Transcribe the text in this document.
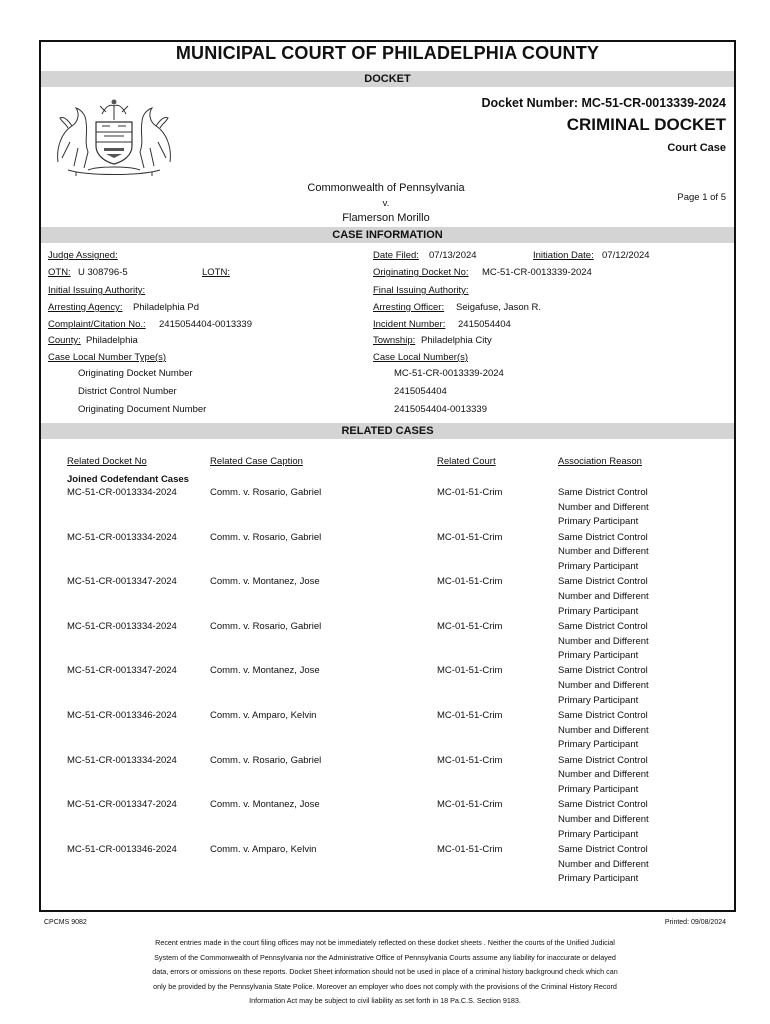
MUNICIPAL COURT OF PHILADELPHIA COUNTY
DOCKET
Docket Number: MC-51-CR-0013339-2024
CRIMINAL DOCKET
Court Case
Commonwealth of Pennsylvania
v.
Flamerson Morillo
Page 1 of 5
CASE INFORMATION
Judge Assigned:	Date Filed: 07/13/2024	Initiation Date: 07/12/2024
OTN: U 308796-5	LOTN:	Originating Docket No: MC-51-CR-0013339-2024
Initial Issuing Authority:	Final Issuing Authority:
Arresting Agency: Philadelphia Pd	Arresting Officer: Seigafuse, Jason R.
Complaint/Citation No.: 2415054404-0013339	Incident Number: 2415054404
County: Philadelphia	Township: Philadelphia City
Case Local Number Type(s)	Case Local Number(s)
Originating Docket Number	MC-51-CR-0013339-2024
District Control Number	2415054404
Originating Document Number	2415054404-0013339
RELATED CASES
Related Docket No	Related Case Caption	Related Court	Association Reason
Joined Codefendant Cases
MC-51-CR-0013334-2024	Comm. v. Rosario, Gabriel	MC-01-51-Crim	Same District Control
Number and Different
Primary Participant
MC-51-CR-0013334-2024	Comm. v. Rosario, Gabriel	MC-01-51-Crim	Same District Control
Number and Different
Primary Participant
MC-51-CR-0013347-2024	Comm. v. Montanez, Jose	MC-01-51-Crim	Same District Control
Number and Different
Primary Participant
MC-51-CR-0013334-2024	Comm. v. Rosario, Gabriel	MC-01-51-Crim	Same District Control
Number and Different
Primary Participant
MC-51-CR-0013347-2024	Comm. v. Montanez, Jose	MC-01-51-Crim	Same District Control
Number and Different
Primary Participant
MC-51-CR-0013346-2024	Comm. v. Amparo, Kelvin	MC-01-51-Crim	Same District Control
Number and Different
Primary Participant
MC-51-CR-0013334-2024	Comm. v. Rosario, Gabriel	MC-01-51-Crim	Same District Control
Number and Different
Primary Participant
MC-51-CR-0013347-2024	Comm. v. Montanez, Jose	MC-01-51-Crim	Same District Control
Number and Different
Primary Participant
MC-51-CR-0013346-2024	Comm. v. Amparo, Kelvin	MC-01-51-Crim	Same District Control
Number and Different
Primary Participant
CPCMS 9082	Printed: 09/08/2024
Recent entries made in the court filing offices may not be immediately reflected on these docket sheets . Neither the courts of the Unified Judicial
System of the Commonwealth of Pennsylvania nor the Administrative Office of Pennsylvania Courts assume any liability for inaccurate or delayed
data, errors or omissions on these reports. Docket Sheet information should not be used in place of a criminal history background check which can
only be provided by the Pennsylvania State Police. Moreover an employer who does not comply with the provisions of the Criminal History Record
Information Act may be subject to civil liability as set forth in 18 Pa.C.S. Section 9183.
